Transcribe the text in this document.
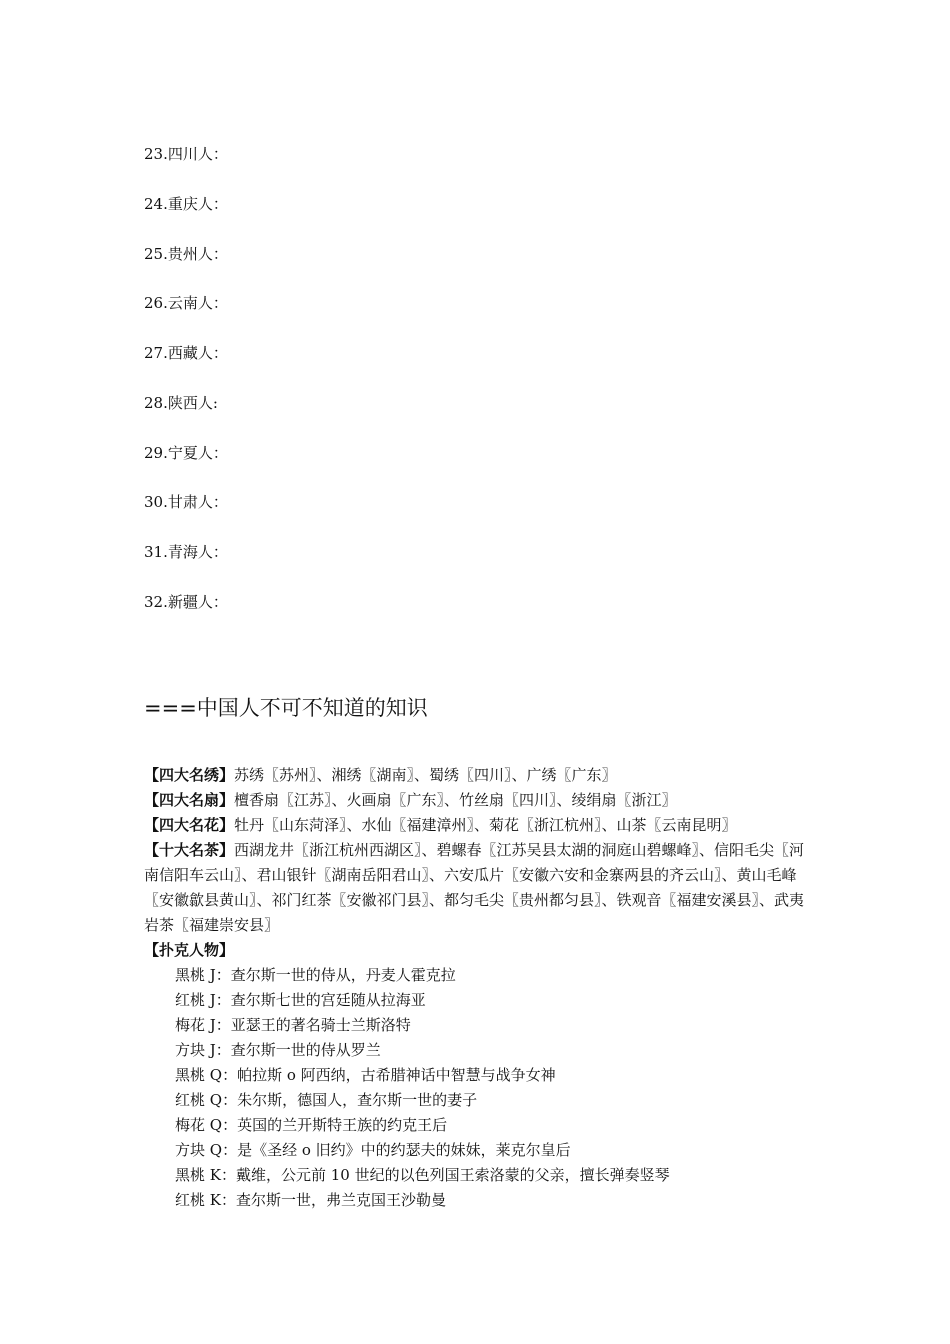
23.四川人：
24.重庆人：
25.贵州人：
26.云南人：
27.西藏人：
28.陕西人:
29.宁夏人：
30.甘肃人：
31.青海人：
32.新疆人：
===中国人不可不知道的知识

【四大名绣】苏绣〖苏州〗、湘绣〖湖南〗、蜀绣〖四川〗、广绣〖广东〗

【四大名扇】檀香扇〖江苏〗、火画扇〖广东〗、竹丝扇〖四川〗、绫绢扇〖浙江〗

【四大名花】牡丹〖山东菏泽〗、水仙〖福建漳州〗、菊花〖浙江杭州〗、山茶〖云南昆明〗

【十大名茶】西湖龙井〖浙江杭州西湖区〗、碧螺春〖江苏吴县太湖的洞庭山碧螺峰〗、信阳毛尖〖河南信阳车云山〗、君山银针〖湖南岳阳君山〗、六安瓜片〖安徽六安和金寨两县的齐云山〗、黄山毛峰〖安徽歙县黄山〗、祁门红茶〖安徽祁门县〗、都匀毛尖〖贵州都匀县〗、铁观音〖福建安溪县〗、武夷岩茶〖福建崇安县〗

【扑克人物】

黑桃 J：查尔斯一世的侍从，丹麦人霍克拉

红桃 J：查尔斯七世的宫廷随从拉海亚

梅花 J：亚瑟王的著名骑士兰斯洛特

方块 J：查尔斯一世的侍从罗兰

黑桃 Q：帕拉斯 o 阿西纳，古希腊神话中智慧与战争女神

红桃 Q：朱尔斯，德国人，查尔斯一世的妻子

梅花 Q：英国的兰开斯特王族的约克王后

方块 Q：是《圣经 o 旧约》中的约瑟夫的妹妹，莱克尔皇后

黑桃 K：戴维，公元前 10 世纪的以色列国王索洛蒙的父亲，擅长弹奏竖琴

红桃 K：查尔斯一世，弗兰克国王沙勒曼
